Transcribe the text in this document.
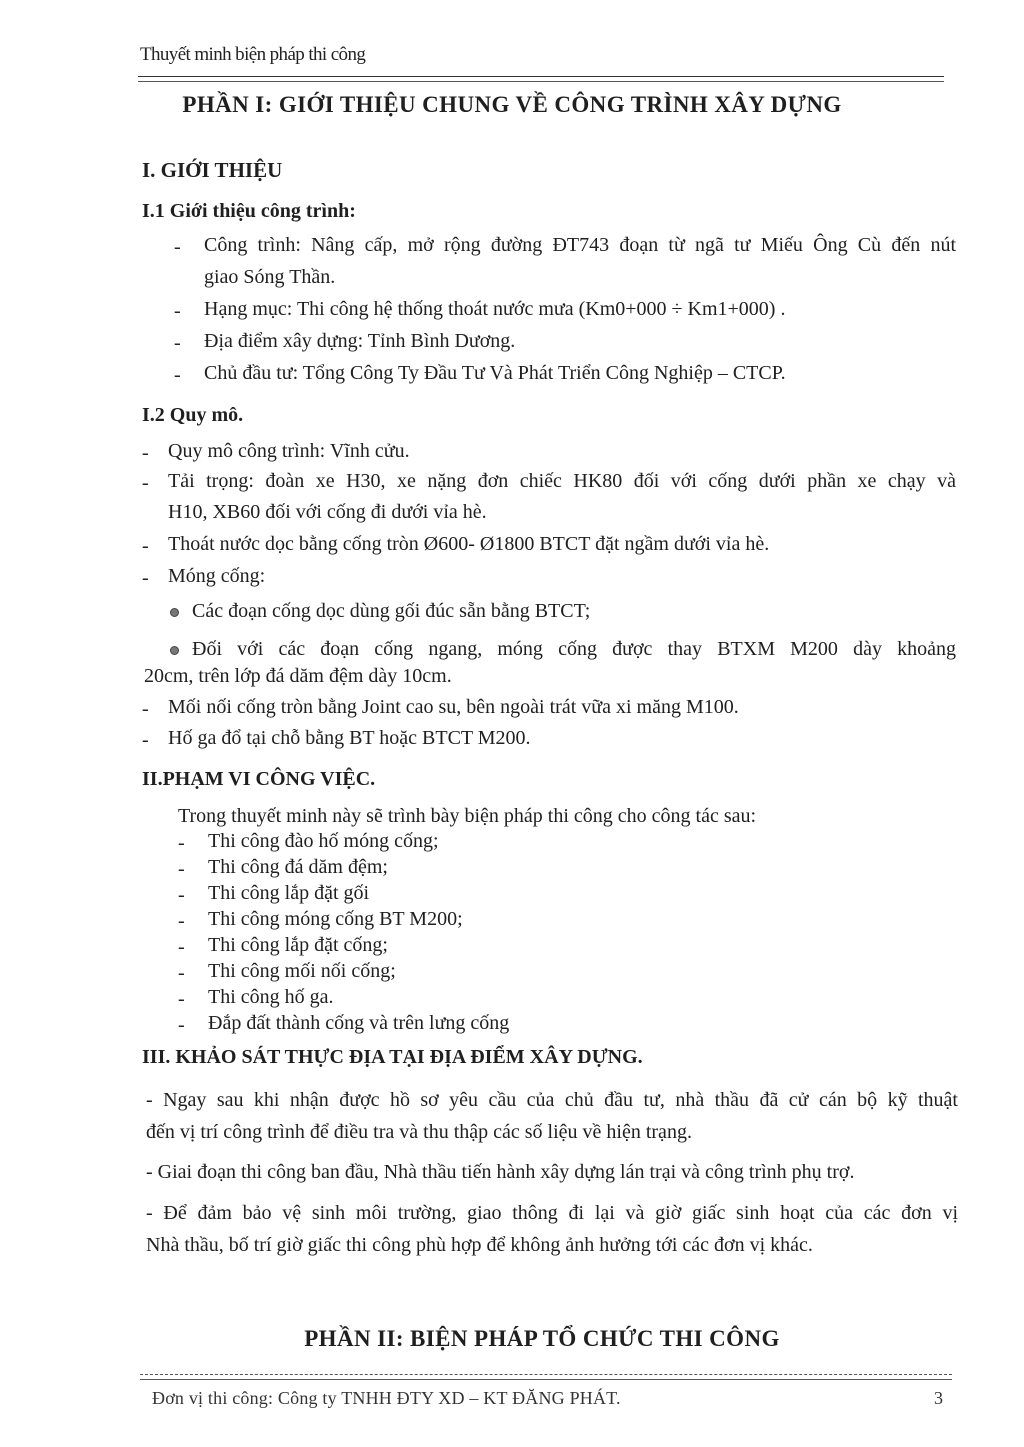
Thuyết minh biện pháp thi công
PHẦN I: GIỚI THIỆU CHUNG VỀ CÔNG TRÌNH XÂY DỰNG
I. GIỚI THIỆU
I.1 Giới thiệu công trình:
- Công trình: Nâng cấp, mở rộng đường ĐT743 đoạn từ ngã tư Miếu Ông Cù đến nút
giao Sóng Thần.
- Hạng mục: Thi công hệ thống thoát nước mưa (Km0+000 ÷ Km1+000) .
- Địa điểm xây dựng: Tỉnh Bình Dương.
- Chủ đầu tư: Tổng Công Ty Đầu Tư Và Phát Triển Công Nghiệp – CTCP.
I.2 Quy mô.
- Quy mô công trình: Vĩnh cửu.
- Tải trọng: đoàn xe H30, xe nặng đơn chiếc HK80 đối với cống dưới phần xe chạy và
H10, XB60 đối với cống đi dưới vỉa hè.
- Thoát nước dọc bằng cống tròn Ø600- Ø1800 BTCT đặt ngầm dưới vỉa hè.
- Móng cống:
Các đoạn cống dọc dùng gối đúc sẵn bằng BTCT;
Đối với các đoạn cống ngang, móng cống được thay BTXM M200 dày khoảng
20cm, trên lớp đá dăm đệm dày 10cm.
- Mối nối cống tròn bằng Joint cao su, bên ngoài trát vữa xi măng M100.
- Hố ga đổ tại chỗ bằng BT hoặc BTCT M200.
II.PHẠM VI CÔNG VIỆC.
Trong thuyết minh này sẽ trình bày biện pháp thi công cho công tác sau:
- Thi công đào hố móng cống;
- Thi công đá dăm đệm;
- Thi công lắp đặt gối
- Thi công móng cống BT M200;
- Thi công lắp đặt cống;
- Thi công mối nối cống;
- Thi công hố ga.
- Đắp đất thành cống và trên lưng cống
III. KHẢO SÁT THỰC ĐỊA TẠI ĐỊA ĐIỂM XÂY DỰNG.
- Ngay sau khi nhận được hồ sơ yêu cầu của chủ đầu tư, nhà thầu đã cử cán bộ kỹ thuật
đến vị trí công trình để điều tra và thu thập các số liệu về hiện trạng.
- Giai đoạn thi công ban đầu, Nhà thầu tiến hành xây dựng lán trại và công trình phụ trợ.
- Để đảm bảo vệ sinh môi trường, giao thông đi lại và giờ giấc sinh hoạt của các đơn vị
Nhà thầu, bố trí giờ giấc thi công phù hợp để không ảnh hưởng tới các đơn vị khác.
PHẦN II: BIỆN PHÁP TỔ CHỨC THI CÔNG
Đơn vị thi công: Công ty TNHH ĐTY XD – KT ĐĂNG PHÁT.	3
